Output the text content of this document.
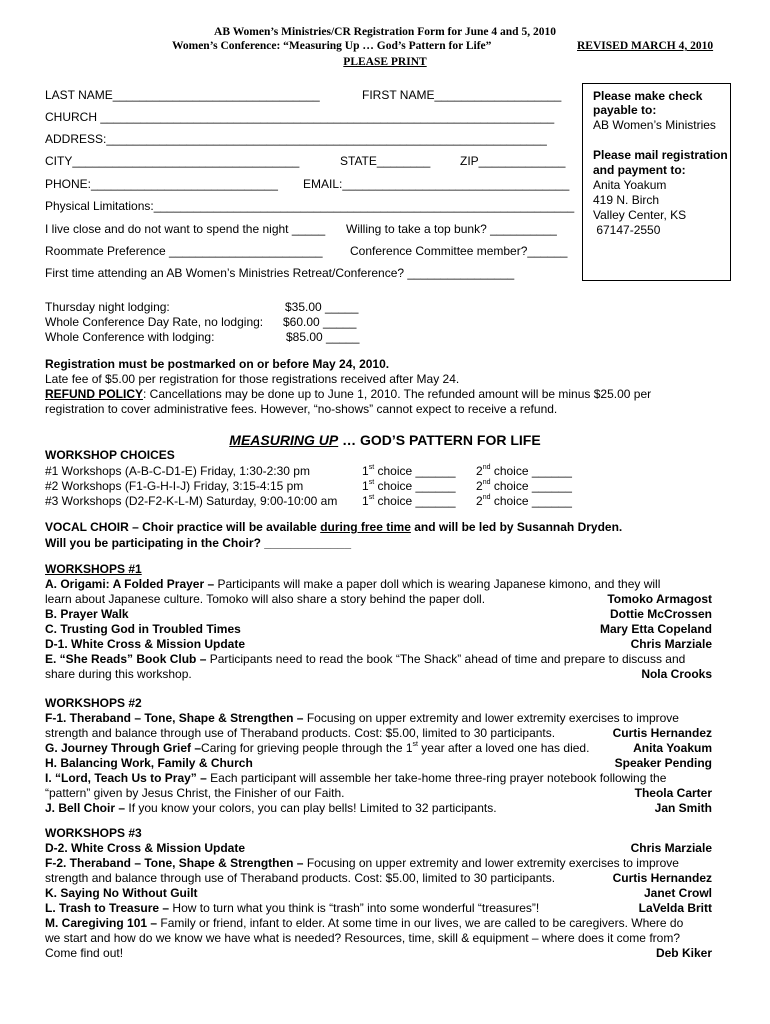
AB Women’s Ministries/CR Registration Form for June 4 and 5, 2010
Women’s Conference: “Measuring Up … God’s Pattern for Life”	REVISED MARCH 4, 2010
PLEASE PRINT
LAST NAME_______________________________	FIRST NAME___________________
CHURCH ____________________________________________________________________
ADDRESS:__________________________________________________________________
CITY__________________________________	STATE________ ZIP_____________
PHONE:____________________________ EMAIL:__________________________________
Physical Limitations:_______________________________________________________________
I live close and do not want to spend the night _____ Willing to take a top bunk? __________
Roommate Preference _______________________ Conference Committee member?______
First time attending an AB Women’s Ministries Retreat/Conference? ________________
Please make check
payable to:
AB Women’s Ministries
Please mail registration
and payment to:
Anita Yoakum
419 N. Birch
Valley Center, KS
67147-2550
Thursday night lodging:	$35.00 _____
Whole Conference Day Rate, no lodging: $60.00 _____
Whole Conference with lodging:	$85.00 _____
Registration must be postmarked on or before May 24, 2010.
Late fee of $5.00 per registration for those registrations received after May 24.
REFUND POLICY: Cancellations may be done up to June 1, 2010. The refunded amount will be minus $25.00 per
registration to cover administrative fees. However, “no-shows” cannot expect to receive a refund.
MEASURING UP … GOD’S PATTERN FOR LIFE
WORKSHOP CHOICES
#1 Workshops (A-B-C-D1-E) Friday, 1:30-2:30 pm	1st choice ______ 2nd choice ______
#2 Workshops (F1-G-H-I-J) Friday, 3:15-4:15 pm	1st choice ______ 2nd choice ______
#3 Workshops (D2-F2-K-L-M) Saturday, 9:00-10:00 am 1st choice ______ 2nd choice ______
VOCAL CHOIR – Choir practice will be available during free time and will be led by Susannah Dryden.
Will you be participating in the Choir? _____________
WORKSHOPS #1
A. Origami: A Folded Prayer – Participants will make a paper doll which is wearing Japanese kimono, and they will
learn about Japanese culture. Tomoko will also share a story behind the paper doll.	Tomoko Armagost
B. Prayer Walk	Dottie McCrossen
C. Trusting God in Troubled Times	Mary Etta Copeland
D-1. White Cross & Mission Update	Chris Marziale
E. “She Reads” Book Club – Participants need to read the book “The Shack” ahead of time and prepare to discuss and
share during this workshop.	Nola Crooks
WORKSHOPS #2
F-1. Theraband – Tone, Shape & Strengthen – Focusing on upper extremity and lower extremity exercises to improve
strength and balance through use of Theraband products. Cost: $5.00, limited to 30 participants.	Curtis Hernandez
G. Journey Through Grief –Caring for grieving people through the 1st year after a loved one has died.	Anita Yoakum
H. Balancing Work, Family & Church	Speaker Pending
I. “Lord, Teach Us to Pray” – Each participant will assemble her take-home three-ring prayer notebook following the
“pattern” given by Jesus Christ, the Finisher of our Faith.	Theola Carter
J. Bell Choir – If you know your colors, you can play bells! Limited to 32 participants.	Jan Smith
WORKSHOPS #3
D-2. White Cross & Mission Update	Chris Marziale
F-2. Theraband – Tone, Shape & Strengthen – Focusing on upper extremity and lower extremity exercises to improve
strength and balance through use of Theraband products. Cost: $5.00, limited to 30 participants.	Curtis Hernandez
K. Saying No Without Guilt	Janet Crowl
L. Trash to Treasure – How to turn what you think is “trash” into some wonderful “treasures”!	LaVelda Britt
M. Caregiving 101 – Family or friend, infant to elder. At some time in our lives, we are called to be caregivers. Where do
we start and how do we know we have what is needed? Resources, time, skill & equipment – where does it come from?
Come find out!	Deb Kiker
